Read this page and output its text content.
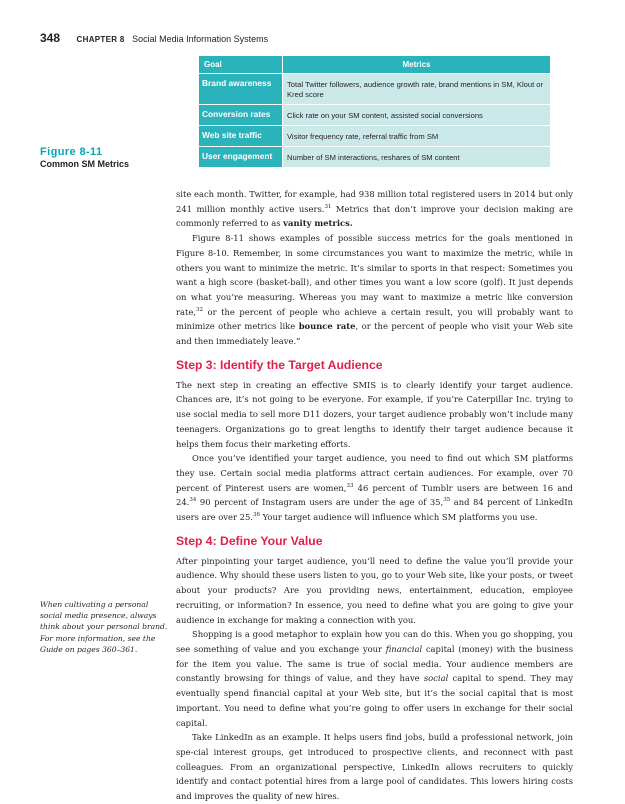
348 CHAPTER 8 Social Media Information Systems
Figure 8-11
Common SM Metrics
Goal	Metrics
Brand awareness	Total Twitter followers, audience growth rate, brand mentions in SM, Klout or Kred score
Conversion rates	Click rate on your SM content, assisted social conversions
Web site traffic	Visitor frequency rate, referral traffic from SM
User engagement	Number of SM interactions, reshares of SM content

site each month. Twitter, for example, had 938 million total registered users in 2014 but only 241 million monthly active users.$^{31}$ Metrics that don’t improve your decision making are commonly referred to as vanity metrics.

Figure 8-11 shows examples of possible success metrics for the goals mentioned in Figure 8-10. Remember, in some circumstances you want to maximize the metric, while in others you want to minimize the metric. It’s similar to sports in that respect: Sometimes you want a high score (basket-ball), and other times you want a low score (golf). It just depends on what you’re measuring. Whereas you may want to maximize a metric like conversion rate,$^{32}$ or the percent of people who achieve a certain result, you will probably want to minimize other metrics like bounce rate, or the percent of people who visit your Web site and then immediately leave.”

Step 3: Identify the Target Audience

The next step in creating an effective SMIS is to clearly identify your target audience. Chances are, it’s not going to be everyone. For example, if you’re Caterpillar Inc. trying to use social media to sell more D11 dozers, your target audience probably won’t include many teenagers. Organizations go to great lengths to identify their target audience because it helps them focus their marketing efforts.

Once you’ve identified your target audience, you need to find out which SM platforms they use. Certain social media platforms attract certain audiences. For example, over 70 percent of Pinterest users are women,$^{33}$ 46 percent of Tumblr users are between 16 and 24.34 90 percent of Instagram users are under the age of 35,35 and 84 percent of LinkedIn users are over 25.36 Your target audience will influence which SM platforms you use.

Step 4: Define Your Value

After pinpointing your target audience, you’ll need to define the value you’ll provide your audience. Why should these users listen to you, go to your Web site, like your posts, or tweet about your products? Are you providing news, entertainment, education, employee recruiting, or information? In essence, you need to define what you are going to give your audience in exchange for making a connection with you.

Shopping is a good metaphor to explain how you can do this. When you go shopping, you see something of value and you exchange your financial capital (money) with the business for the item you value. The same is true of social media. Your audience members are constantly browsing for things of value, and they have social capital to spend. They may eventually spend financial capital at your Web site, but it’s the social capital that is most important. You need to define what you’re going to offer users in exchange for their social capital.

Take LinkedIn as an example. It helps users find jobs, build a professional network, join spe-cial interest groups, get introduced to prospective clients, and reconnect with past colleagues. From an organizational perspective, LinkedIn allows recruiters to quickly identify and contact potential hires from a large pool of candidates. This lowers hiring costs and improves the quality of new hires.

When cultivating a personal social media presence, always think about your personal brand. For more information, see the Guide on pages 360–361.
